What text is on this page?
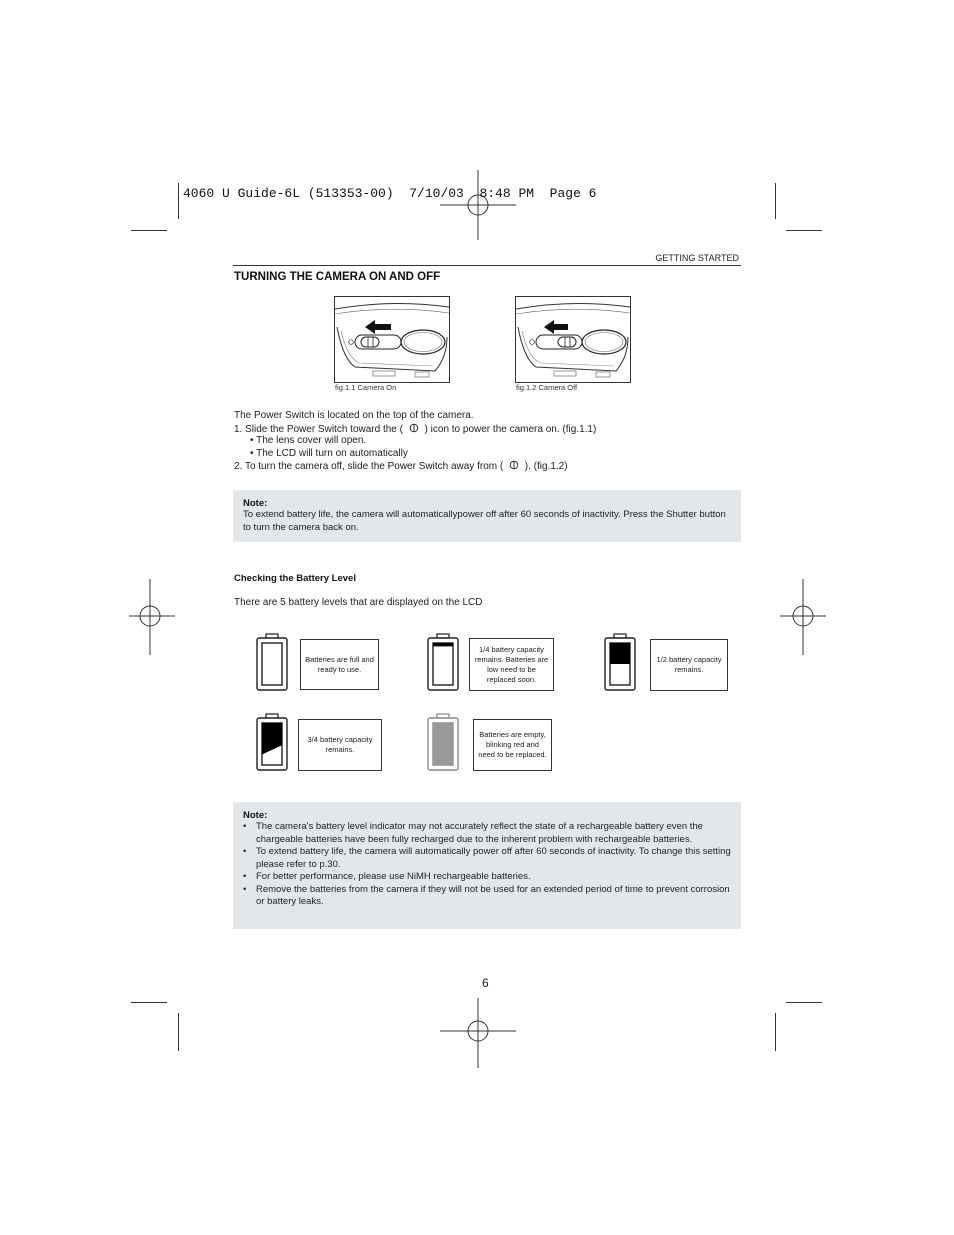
4060 U Guide-6L (513353-00)  7/10/03  8:48 PM  Page 6
GETTING STARTED
TURNING THE CAMERA ON AND OFF
fig.1.1 Camera On	fig.1.2 Camera Off
The Power Switch is located on the top of the camera.
1. Slide the Power Switch toward the ( ) icon to power the camera on. (fig.1.1)
• The lens cover will open.
• The LCD will turn on automatically
2. To turn the camera off, slide the Power Switch away from ( ). (fig.1.2)
Note:
To extend battery life, the camera will automaticallypower off after 60 seconds of inactivity. Press the Shutter button to turn the camera back on.
Checking the Battery Level
There are 5 battery levels that are displayed on the LCD
Batteries are full and ready to use.
1/4 battery capacity remains. Batteries are low need to be replaced soon.
1/2 battery capacity remains.
3/4 battery capacity remains.
Batteries are empty, blinking red and need to be replaced.
Note:
• The camera's battery level indicator may not accurately reflect the state of a rechargeable battery even the chargeable batteries have been fully recharged due to the inherent problem with rechargeable batteries.
• To extend battery life, the camera will automatically power off after 60 seconds of inactivity. To change this setting please refer to p.30.
• For better performance, please use NiMH rechargeable batteries.
• Remove the batteries from the camera if they will not be used for an extended period of time to prevent corrosion or battery leaks.
6
